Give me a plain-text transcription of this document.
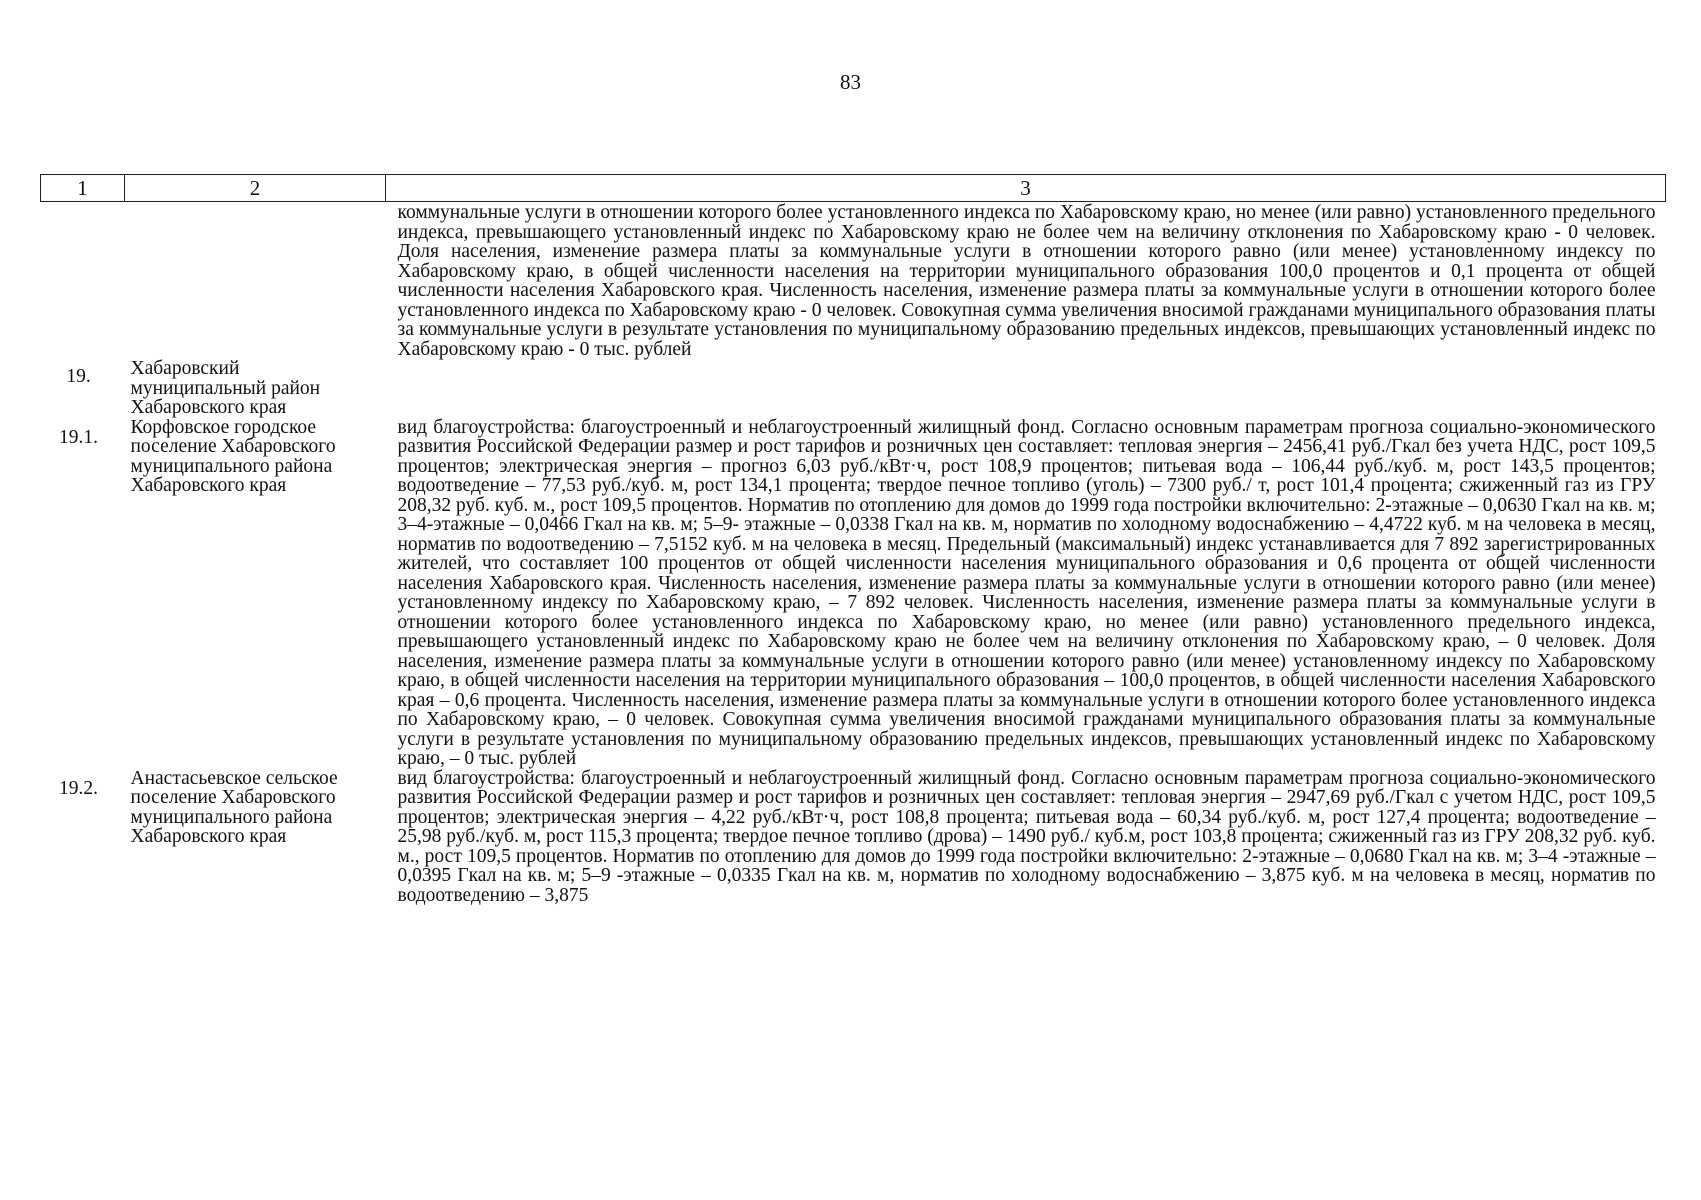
83
1	2	3
		коммунальные услуги в отношении которого более установленного индекса по Хабаровскому краю, но менее (или равно) установленного предельного индекса, превышающего установленный индекс по Хабаровскому краю не более чем на величину отклонения по Хабаровскому краю - 0 человек. Доля населения, изменение размера платы за коммунальные услуги в отношении которого равно (или менее) установленному индексу по Хабаровскому краю, в общей численности населения на территории муниципального образования 100,0 процентов и 0,1 процента от общей численности населения Хабаровского края. Численность населения, изменение размера платы за коммунальные услуги в отношении которого более установленного индекса по Хабаровскому краю - 0 человек. Совокупная сумма увеличения вносимой гражданами муниципального образования платы за коммунальные услуги в результате установления по муниципальному образованию предельных индексов, превышающих установленный индекс по Хабаровскому краю - 0 тыс. рублей
19.	Хабаровский муниципальный район Хабаровского края	
19.1.	Корфовское городское поселение Хабаровского муниципального района Хабаровского края	вид благоустройства: благоустроенный и неблагоустроенный жилищный фонд. Согласно основным параметрам прогноза социально-экономического развития Российской Федерации размер и рост тарифов и розничных цен составляет: тепловая энергия – 2456,41 руб./Гкал без учета НДС, рост 109,5 процентов; электрическая энергия – прогноз 6,03 руб./кВт·ч, рост 108,9 процентов; питьевая вода – 106,44 руб./куб. м, рост 143,5 процентов; водоотведение – 77,53 руб./куб. м, рост 134,1 процента; твердое печное топливо (уголь) – 7300 руб./ т, рост 101,4 процента; сжиженный газ из ГРУ 208,32 руб. куб. м., рост 109,5 процентов. Норматив по отоплению для домов до 1999 года постройки включительно: 2-этажные – 0,0630 Гкал на кв. м; 3–4-этажные – 0,0466 Гкал на кв. м; 5–9- этажные – 0,0338 Гкал на кв. м, норматив по холодному водоснабжению – 4,4722 куб. м на человека в месяц, норматив по водоотведению – 7,5152 куб. м на человека в месяц. Предельный (максимальный) индекс устанавливается для 7 892 зарегистрированных жителей, что составляет 100 процентов от общей численности населения муниципального образования и 0,6 процента от общей численности населения Хабаровского края. Численность населения, изменение размера платы за коммунальные услуги в отношении которого равно (или менее) установленному индексу по Хабаровскому краю, – 7 892 человек. Численность населения, изменение размера платы за коммунальные услуги в отношении которого более установленного индекса по Хабаровскому краю, но менее (или равно) установленного предельного индекса, превышающего установленный индекс по Хабаровскому краю не более чем на величину отклонения по Хабаровскому краю, – 0 человек. Доля населения, изменение размера платы за коммунальные услуги в отношении которого равно (или менее) установленному индексу по Хабаровскому краю, в общей численности населения на территории муниципального образования – 100,0 процентов, в общей численности населения Хабаровского края – 0,6 процента. Численность населения, изменение размера платы за коммунальные услуги в отношении которого более установленного индекса по Хабаровскому краю, – 0 человек. Совокупная сумма увеличения вносимой гражданами муниципального образования платы за коммунальные услуги в результате установления по муниципальному образованию предельных индексов, превышающих установленный индекс по Хабаровскому краю, – 0 тыс. рублей
19.2.	Анастасьевское сельское поселение Хабаровского муниципального района Хабаровского края	вид благоустройства: благоустроенный и неблагоустроенный жилищный фонд. Согласно основным параметрам прогноза социально-экономического развития Российской Федерации размер и рост тарифов и розничных цен составляет: тепловая энергия – 2947,69 руб./Гкал с учетом НДС, рост 109,5 процентов; электрическая энергия – 4,22 руб./кВт·ч, рост 108,8 процента; питьевая вода – 60,34 руб./куб. м, рост 127,4 процента; водоотведение – 25,98 руб./куб. м, рост 115,3 процента; твердое печное топливо (дрова) – 1490 руб./ куб.м, рост 103,8 процента; сжиженный газ из ГРУ 208,32 руб. куб. м., рост 109,5 процентов. Норматив по отоплению для домов до 1999 года постройки включительно: 2-этажные – 0,0680 Гкал на кв. м; 3–4 -этажные – 0,0395 Гкал на кв. м; 5–9 -этажные – 0,0335 Гкал на кв. м, норматив по холодному водоснабжению – 3,875 куб. м на человека в месяц, норматив по водоотведению – 3,875
